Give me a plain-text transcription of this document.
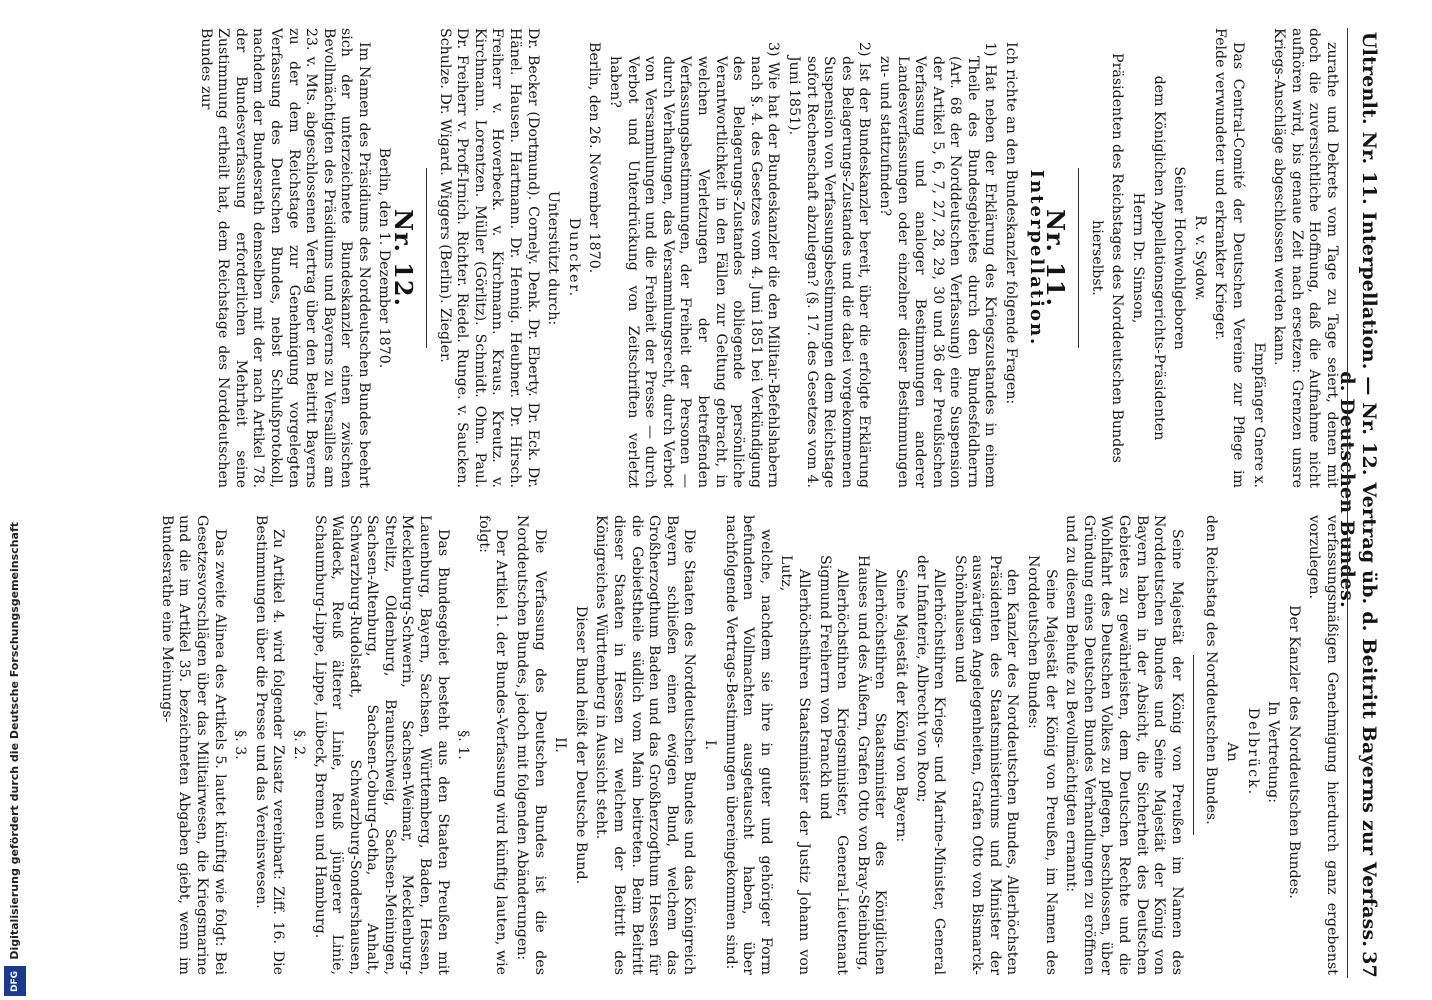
Ultrenlt. Nr. 11. Interpellation. — Nr. 12. Vertrag üb. d. Beitritt Bayerns zur Verfass. d. Deutschen Bundes.
37

zurathe und Dekrets vom Tage zu Tage seiert, denen mit doch die zuversichtliche Hoffnung, daß die Aufnahme nicht aufhören wird, bis genaue Zeit nach ersetzen: Grenzen unsre Kriegs-Anschläge abgeschlossen werden kann.

Empfänger Gnere x.

Das Central-Comité der Deutschen Vereine zur Pflege im Felde verwundeter und erkrankter Krieger.

R. v. Sydow.

Seiner Hochwohlgeboren

dem Königlichen Appellationsgerichts-Präsidenten

Herrn Dr. Simson,

Präsidenten des Reichstages des Norddeutschen Bundes

hierselbst.

Nr. 11.
Interpellation.

Ich richte an den Bundeskanzler folgende Fragen:

1) Hat neben der Erklärung des Kriegszustandes in einem Theile des Bundesgebietes durch den Bundesfeldherrn (Art. 68 der Norddeutschen Verfassung) eine Suspension der Artikel 5, 6, 7, 27, 28, 29, 30 und 36 der Preußischen Verfassung und analoger Bestimmungen anderer Landesverfassungen oder einzelner dieser Bestimmungen zu- und stattzufinden?

2) Ist der Bundeskanzler bereit, über die erfolgte Erklärung des Belagerungs-Zustandes und die dabei vorgekommenen Suspension von Verfassungsbestimmungen dem Reichstage sofort Rechenschaft abzulegen? (§. 17. des Gesetzes vom 4. Juni 1851).

3) Wie hat der Bundeskanzler die den Militair-Befehlshabern nach §. 4. des Gesetzes vom 4. Juni 1851 bei Verkündigung des Belagerungs-Zustandes obliegende persönliche Verantwortlichkeit in den Fällen zur Geltung gebracht, in welchen Verletzungen der betreffenden Verfassungsbestimmungen, der Freiheit der Personen — durch Verhaftungen, das Versammlungsrecht, durch Verbot von Versammlungen und die Freiheit der Presse — durch Verbot und Unterdrückung von Zeitschriften verletzt haben?

Berlin, den 26. November 1870.

Duncker.

Unterstützt durch:

Dr. Becker (Dortmund). Cornely. Denk. Dr. Eberty. Dr. Eck. Dr. Hänel. Hausen. Hartmann. Dr. Hennig. Heubner. Dr. Hirsch. Freiherr v. Hoverbeck. v. Kirchmann. Kraus. Kreutz. v. Kirchmann. Lorentzen. Müller (Görlitz). Schmidt. Ohm. Paul. Dr. Freiherr v. Proff-Irnich. Richter. Riedel. Runge. v. Saucken. Schulze. Dr. Wigard. Wiggers (Berlin). Ziegler.

Nr. 12.

Berlin, den 1. Dezember 1870.

Im Namen des Präsidiums des Norddeutschen Bundes beehrt sich der unterzeichnete Bundeskanzler einen zwischen Bevollmächtigten des Präsidiums und Bayerns zu Versailles am 23. v. Mts. abgeschlossenen Vertrag über den Beitritt Bayerns zu der dem Reichstage zur Genehmigung vorgelegten Verfassung des Deutschen Bundes, nebst Schlußprotokoll, nachdem der Bundesrath demselben mit der nach Artikel 78. der Bundesverfassung erforderlichen Mehrheit seine Zustimmung ertheilt hat, dem Reichstage des Norddeutschen Bundes zur

verfassungsmäßigen Genehmigung hierdurch ganz ergebenst vorzulegen.

Der Kanzler des Norddeutschen Bundes.

In Vertretung:

Delbrück.

An

den Reichstag des Norddeutschen Bundes.

Seine Majestät der König von Preußen im Namen des Norddeutschen Bundes und Seine Majestät der König von Bayern haben in der Absicht, die Sicherheit des Deutschen Gebietes zu gewährleisten, dem Deutschen Rechte und die Wohlfahrt des Deutschen Volkes zu pflegen, beschlossen, über Gründung eines Deutschen Bundes Verhandlungen zu eröffnen und zu diesem Behufe zu Bevollmächtigten ernannt:

Seine Majestät der König von Preußen, im Namen des Norddeutschen Bundes:

den Kanzler des Norddeutschen Bundes, Allerhöchsten Präsidenten des Staatsministeriums und Minister der auswärtigen Angelegenheiten, Grafen Otto von Bismarck-Schönhausen und

Allerhöchstihren Kriegs- und Marine-Minister, General der Infanterie, Albrecht von Roon;

Seine Majestät der König von Bayern:

Allerhöchstihren Staatsminister des Königlichen Hauses und des Äußern, Grafen Otto von Bray-Steinburg,

Allerhöchstihren Kriegsminister, General-Lieutenant Sigmund Freiherrn von Pranckh und

Allerhöchstihren Staatsminister der Justiz Johann von Lutz,

welche, nachdem sie ihre in guter und gehöriger Form befundenen Vollmachten ausgetauscht haben, über nachfolgende Vertrags-Bestimmungen übereingekommen sind:

I.

Die Staaten des Norddeutschen Bundes und das Königreich Bayern schließen einen ewigen Bund, welchem das Großherzogthum Baden und das Großherzogthum Hessen für die Gebietstheile südlich vom Main beitreten. Beim Beitritt dieser Staaten in Hessen zu welchem der Beitritt des Königreiches Württemberg in Aussicht steht.

Dieser Bund heißt der Deutsche Bund.

II.

Die Verfassung des Deutschen Bundes ist die des Norddeutschen Bundes, jedoch mit folgenden Abänderungen:

Der Artikel 1. der Bundes-Verfassung wird künftig lauten, wie folgt:

§. 1.

Das Bundesgebiet besteht aus den Staaten Preußen mit Lauenburg, Bayern, Sachsen, Württemberg, Baden, Hessen, Mecklenburg-Schwerin, Sachsen-Weimar, Mecklenburg-Strelitz, Oldenburg, Braunschweig, Sachsen-Meiningen, Sachsen-Altenburg, Sachsen-Coburg-Gotha, Anhalt, Schwarzburg-Rudolstadt, Schwarzburg-Sondershausen, Waldeck, Reuß älterer Linie, Reuß jüngerer Linie, Schaumburg-Lippe, Lippe, Lübeck, Bremen und Hamburg.

§. 2.

Zu Artikel 4. wird folgender Zusatz vereinbart: Ziff. 16. Die Bestimmungen über die Presse und das Vereinswesen.

§. 3.

Das zweite Alinea des Artikels 5. lautet künftig wie folgt: Bei Gesetzesvorschlägen über das Militairwesen, die Kriegsmarine und die im Artikel 35. bezeichneten Abgaben giebt, wenn im Bundesrathe eine Meinungs-

Digitalisierung gefördert durch die Deutsche Forschungsgemeinschaft
DFG
